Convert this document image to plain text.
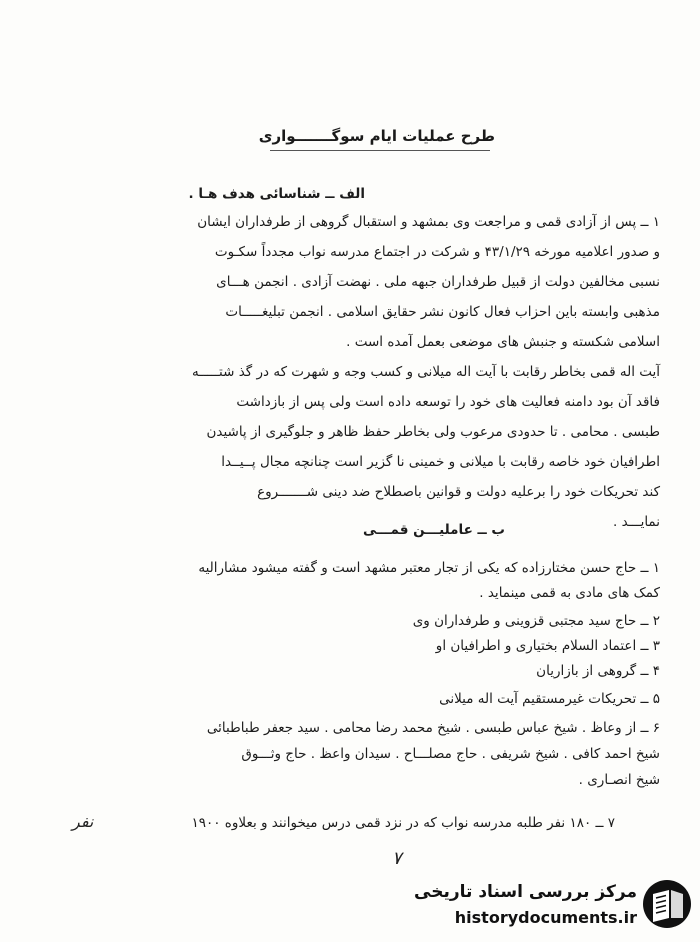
طرح عملیات ایام سوگـــــــواری
الف ــ شناسائی هدف هـا .
۱ ــ پس از آزادی قمی و مراجعت وی بمشهد و استقبال گروهی از طرفداران ایشان
و صدور اعلامیه مورخه ۴۳/۱/۲۹ و شرکت در اجتماع مدرسه نواب مجدداً سکـوت
نسبی مخالفین دولت از قبیل طرفداران جبهه ملی . نهضت آزادی . انجمن هـــای
مذهبی وابسته باین احزاب فعال کانون نشر حقایق اسلامی . انجمن تبلیغـــــات
اسلامی شکسته و جنبش های موضعی بعمل آمده است .
آیت اله قمی بخاطر رقابت با آیت اله میلانی و کسب وجه و شهرت که در گذ شتـــــه
فاقد آن بود دامنه فعالیت های خود را توسعه داده است ولی پس از بازداشت
طبسی . محامی . تا حدودی مرعوب ولی بخاطر حفظ ظاهر و جلوگیری از پاشیدن
اطرافیان خود خاصه رقابت با میلانی و خمینی نا گزیر است چنانچه مجال پــیــدا
کند تحریکات خود را برعلیه دولت و قوانین باصطلاح ضد دینی شـــــــروع
نمایـــد .
ب ــ عاملیـــن قمـــی
۱ ــ حاج حسن مختارزاده که یکی از تجار معتبر مشهد است و گفته میشود مشارالیه
کمک های مادی به قمی مینماید .
۲ ــ حاج سید مجتبی قزوینی و طرفداران وی
۳ ــ اعتماد السلام بختیاری و اطرافیان او
۴ ــ گروهی از بازاریان
۵ ــ تحریکات غیرمستقیم آیت اله میلانی
۶ ــ از وعاظ . شیخ عباس طبسی . شیخ محمد رضا محامی . سید جعفر طباطبائی
شیخ احمد کافی . شیخ شریفی . حاج مصلـــاح . سیدان واعظ . حاج وثـــوق
شیخ انصـاری .
۷ ــ ۱۸۰ نفر طلبه مدرسه نواب که در نزد قمی درس میخوانند و بعلاوه ۱۹۰۰
نفر
۷
مرکز بررسی اسناد تاریخی
historydocuments.ir
